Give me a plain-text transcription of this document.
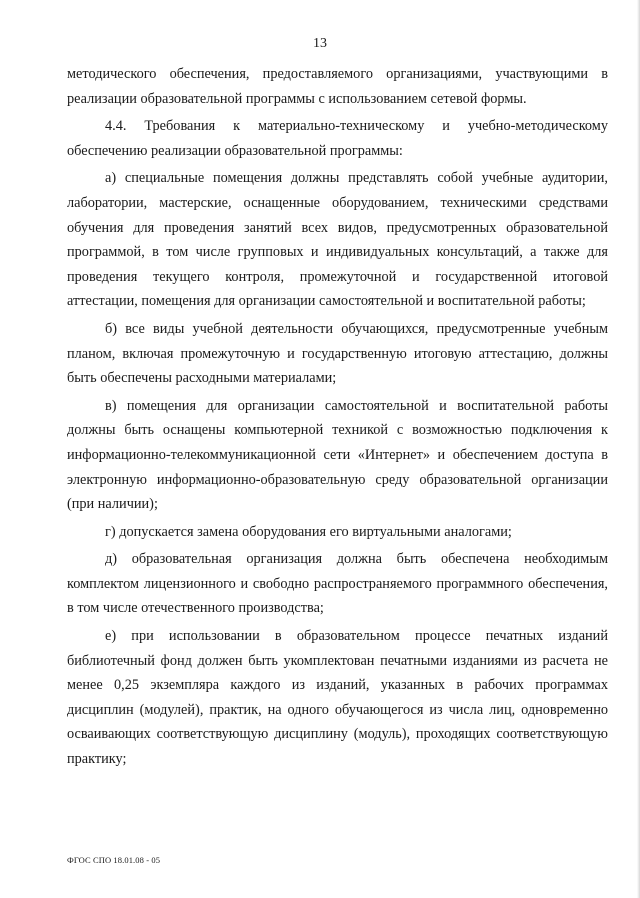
13

методического обеспечения, предоставляемого организациями, участвующими в реализации образовательной программы с использованием сетевой формы.

4.4. Требования к материально-техническому и учебно-методическому обеспечению реализации образовательной программы:

а) специальные помещения должны представлять собой учебные аудитории, лаборатории, мастерские, оснащенные оборудованием, техническими средствами обучения для проведения занятий всех видов, предусмотренных образовательной программой, в том числе групповых и индивидуальных консультаций, а также для проведения текущего контроля, промежуточной и государственной итоговой аттестации, помещения для организации самостоятельной и воспитательной работы;

б) все виды учебной деятельности обучающихся, предусмотренные учебным планом, включая промежуточную и государственную итоговую аттестацию, должны быть обеспечены расходными материалами;

в) помещения для организации самостоятельной и воспитательной работы должны быть оснащены компьютерной техникой с возможностью подключения к информационно-телекоммуникационной сети «Интернет» и обеспечением доступа в электронную информационно-образовательную среду образовательной организации (при наличии);

г) допускается замена оборудования его виртуальными аналогами;

д) образовательная организация должна быть обеспечена необходимым комплектом лицензионного и свободно распространяемого программного обеспечения, в том числе отечественного производства;

е) при использовании в образовательном процессе печатных изданий библиотечный фонд должен быть укомплектован печатными изданиями из расчета не менее 0,25 экземпляра каждого из изданий, указанных в рабочих программах дисциплин (модулей), практик, на одного обучающегося из числа лиц, одновременно осваивающих соответствующую дисциплину (модуль), проходящих соответствующую практику;

ФГОС СПО 18.01.08 - 05
